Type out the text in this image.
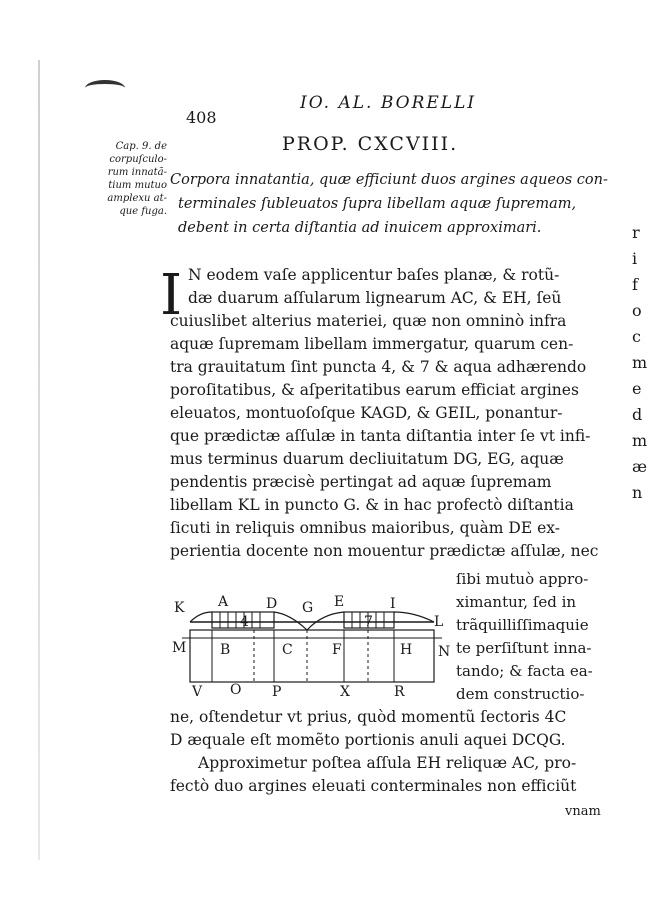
408
IO. AL. BORELLI
PROP. CXCVIII.
Cap. 9. de
corpuſculo-
rum innatã-
tium mutuo
amplexu at-
que fuga.
Corpora innatantia, quæ efficiunt duos argines aqueos con-
terminales ſubleuatos ſupra libellam aquæ ſupremam,
debent in certa diſtantia ad inuicem approximari.
I N eodem vaſe applicentur baſes planæ, & rotũ-
dæ duarum aſſularum lignearum AC, & EH, ſeũ
cuiuslibet alterius materiei, quæ non omninò infra
aquæ ſupremam libellam immergatur, quarum cen-
tra grauitatum ſint puncta 4, & 7 & aqua adhærendo
poroſitatibus, & aſperitatibus earum efficiat argines
eleuatos, montuoſoſque KAGD, & GEIL, ponantur-
que prædictæ aſſulæ in tanta diſtantia inter ſe vt infi-
mus terminus duarum decliuitatum DG, EG, aquæ
pendentis præcisè pertingat ad aquæ ſupremam
libellam KL in puncto G. & in hac profectò diſtantia
ſicuti in reliquis omnibus maioribus, quàm DE ex-
perientia docente non mouentur prædictæ aſſulæ, nec
K A	D G E	I
L
4	7
M B	C	F	H N
V O P	X	R
ſibi mutuò appro-
ximantur, ſed in
trãquilliſſimaquie
te perſiſtunt inna-
tando; & facta ea-
dem constructio-
ne, oſtendetur vt prius, quòd momentũ ſectoris 4C
D æquale eſt momẽto portionis anuli aquei DCQG.
Approximetur poſtea aſſula EH reliquæ AC, pro-
fectò duo argines eleuati conterminales non efficiũt
vnam
r
i
f
o
c
m
e
d
m
æ
n
